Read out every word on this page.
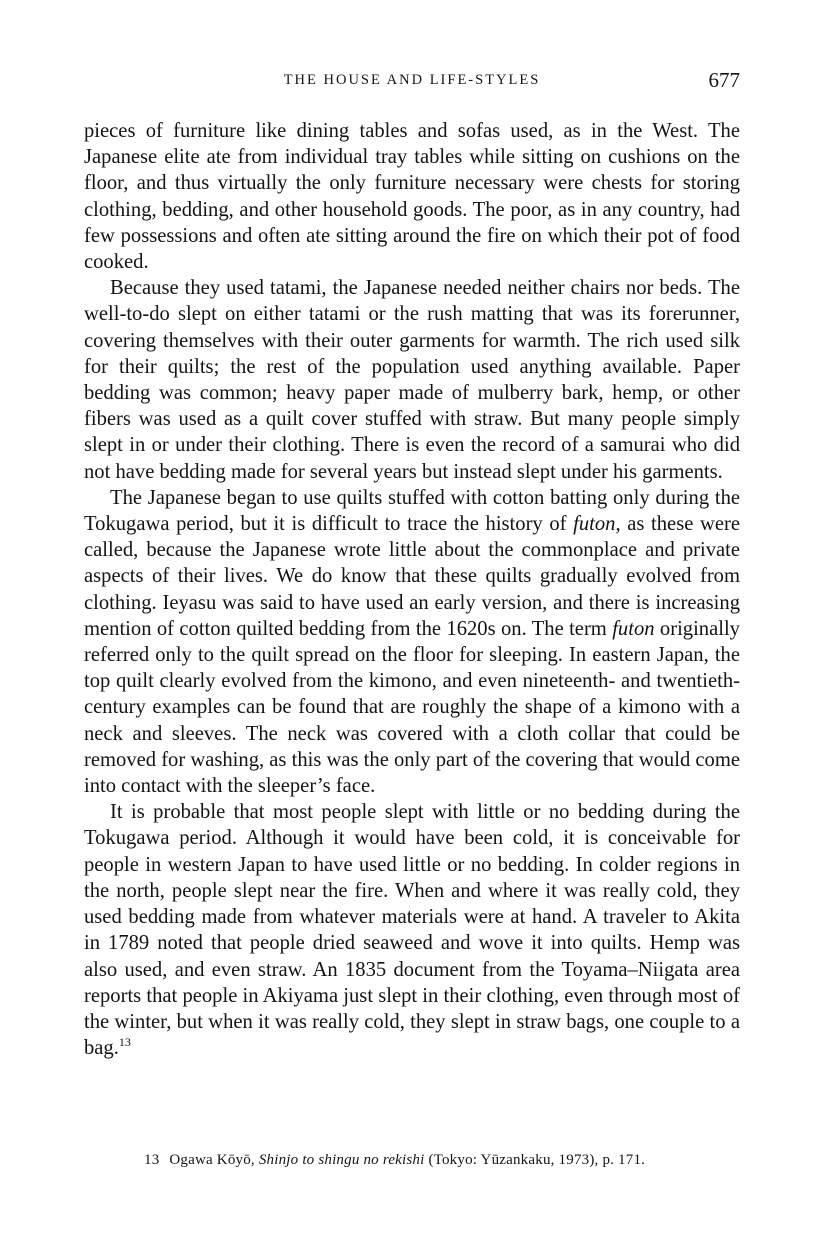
THE HOUSE AND LIFE-STYLES	677

pieces of furniture like dining tables and sofas used, as in the West. The Japanese elite ate from individual tray tables while sitting on cushions on the floor, and thus virtually the only furniture necessary were chests for storing clothing, bedding, and other household goods. The poor, as in any country, had few possessions and often ate sitting around the fire on which their pot of food cooked.

Because they used tatami, the Japanese needed neither chairs nor beds. The well-to-do slept on either tatami or the rush matting that was its forerunner, covering themselves with their outer garments for warmth. The rich used silk for their quilts; the rest of the population used anything available. Paper bedding was common; heavy paper made of mulberry bark, hemp, or other fibers was used as a quilt cover stuffed with straw. But many people simply slept in or under their clothing. There is even the record of a samurai who did not have bedding made for several years but instead slept under his garments.

The Japanese began to use quilts stuffed with cotton batting only during the Tokugawa period, but it is difficult to trace the history of futon, as these were called, because the Japanese wrote little about the commonplace and private aspects of their lives. We do know that these quilts gradually evolved from clothing. Ieyasu was said to have used an early version, and there is increasing mention of cotton quilted bedding from the 1620s on. The term futon originally referred only to the quilt spread on the floor for sleeping. In eastern Japan, the top quilt clearly evolved from the kimono, and even nineteenth- and twentieth-century examples can be found that are roughly the shape of a kimono with a neck and sleeves. The neck was covered with a cloth collar that could be removed for washing, as this was the only part of the covering that would come into contact with the sleeper’s face.

It is probable that most people slept with little or no bedding during the Tokugawa period. Although it would have been cold, it is conceivable for people in western Japan to have used little or no bedding. In colder regions in the north, people slept near the fire. When and where it was really cold, they used bedding made from whatever materials were at hand. A traveler to Akita in 1789 noted that people dried seaweed and wove it into quilts. Hemp was also used, and even straw. An 1835 document from the Toyama–Niigata area reports that people in Akiyama just slept in their clothing, even through most of the winter, but when it was really cold, they slept in straw bags, one couple to a bag.$^{13}$

13 Ogawa Kōyō, Shinjo to shingu no rekishi (Tokyo: Yūzankaku, 1973), p. 171.
